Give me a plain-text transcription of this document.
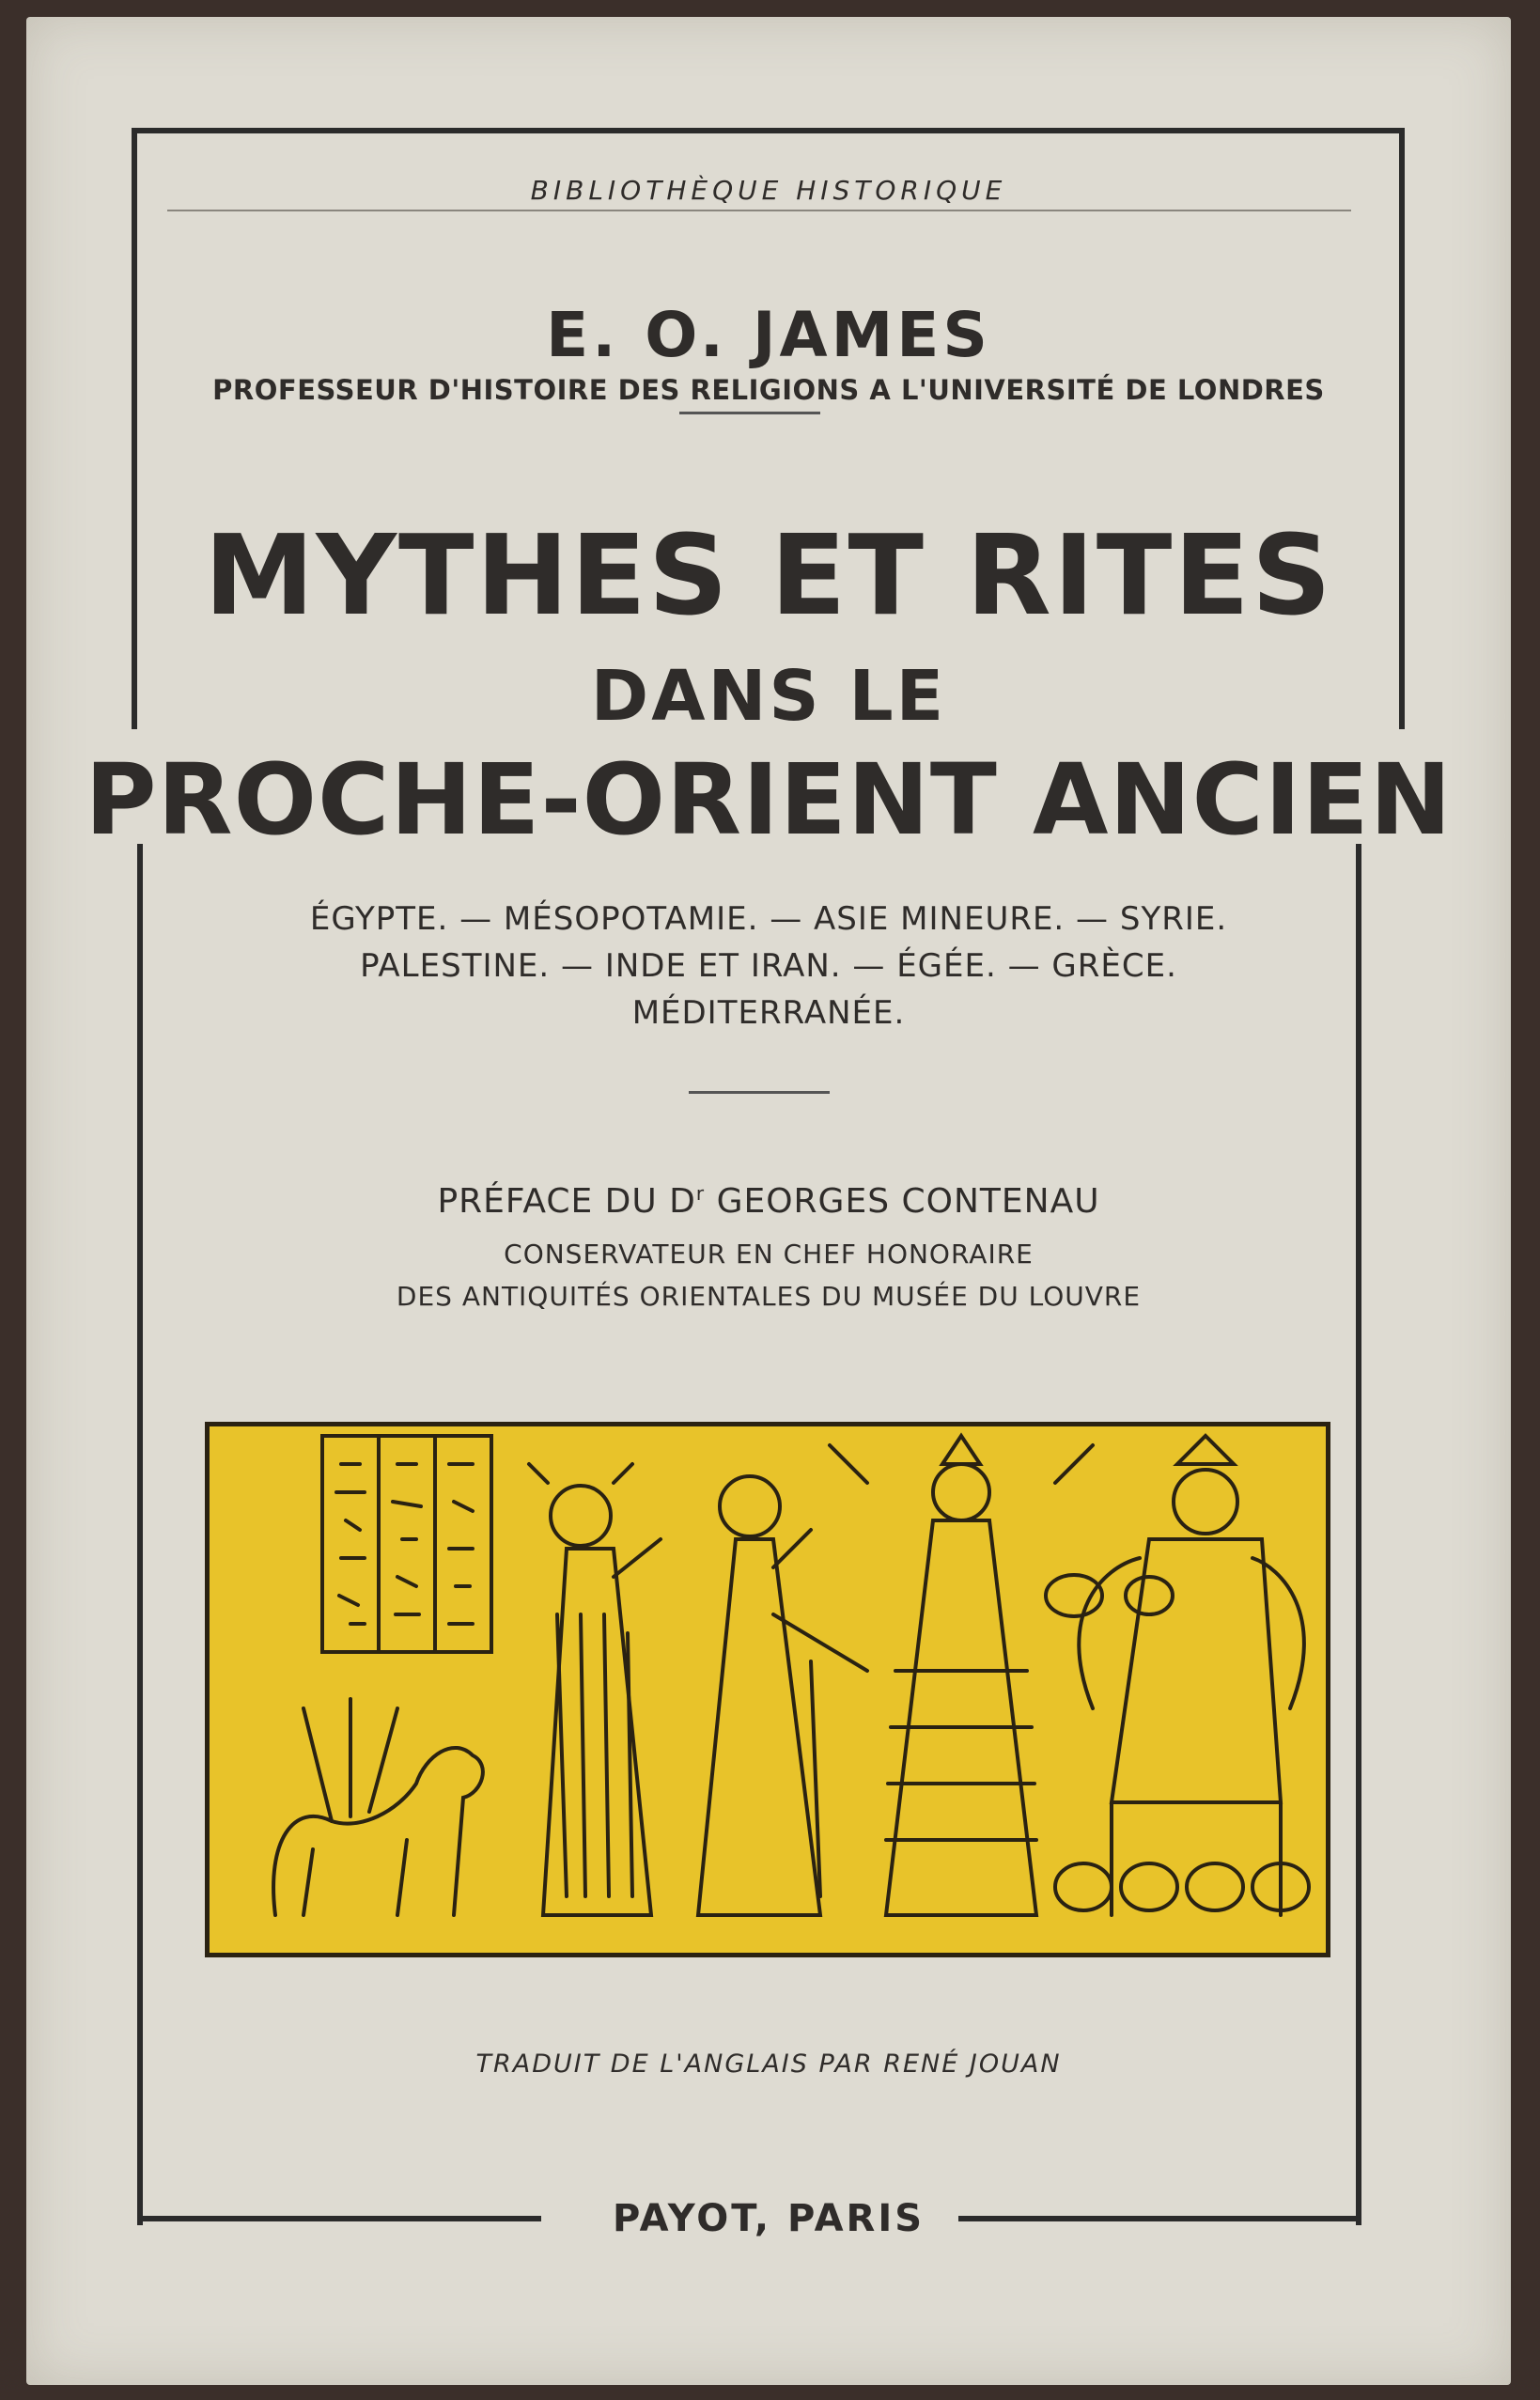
BIBLIOTHÈQUE HISTORIQUE
E. O. JAMES
PROFESSEUR D'HISTOIRE DES RELIGIONS A L'UNIVERSITÉ DE LONDRES
MYTHES ET RITES
DANS LE
PROCHE-ORIENT ANCIEN
ÉGYPTE. — MÉSOPOTAMIE. — ASIE MINEURE. — SYRIE.
PALESTINE. — INDE ET IRAN. — ÉGÉE. — GRÈCE.
MÉDITERRANÉE.
PRÉFACE DU $D^r$ GEORGES CONTENAU
CONSERVATEUR EN CHEF HONORAIRE
DES ANTIQUITÉS ORIENTALES DU MUSÉE DU LOUVRE
TRADUIT DE L'ANGLAIS PAR RENÉ JOUAN
PAYOT, PARIS
